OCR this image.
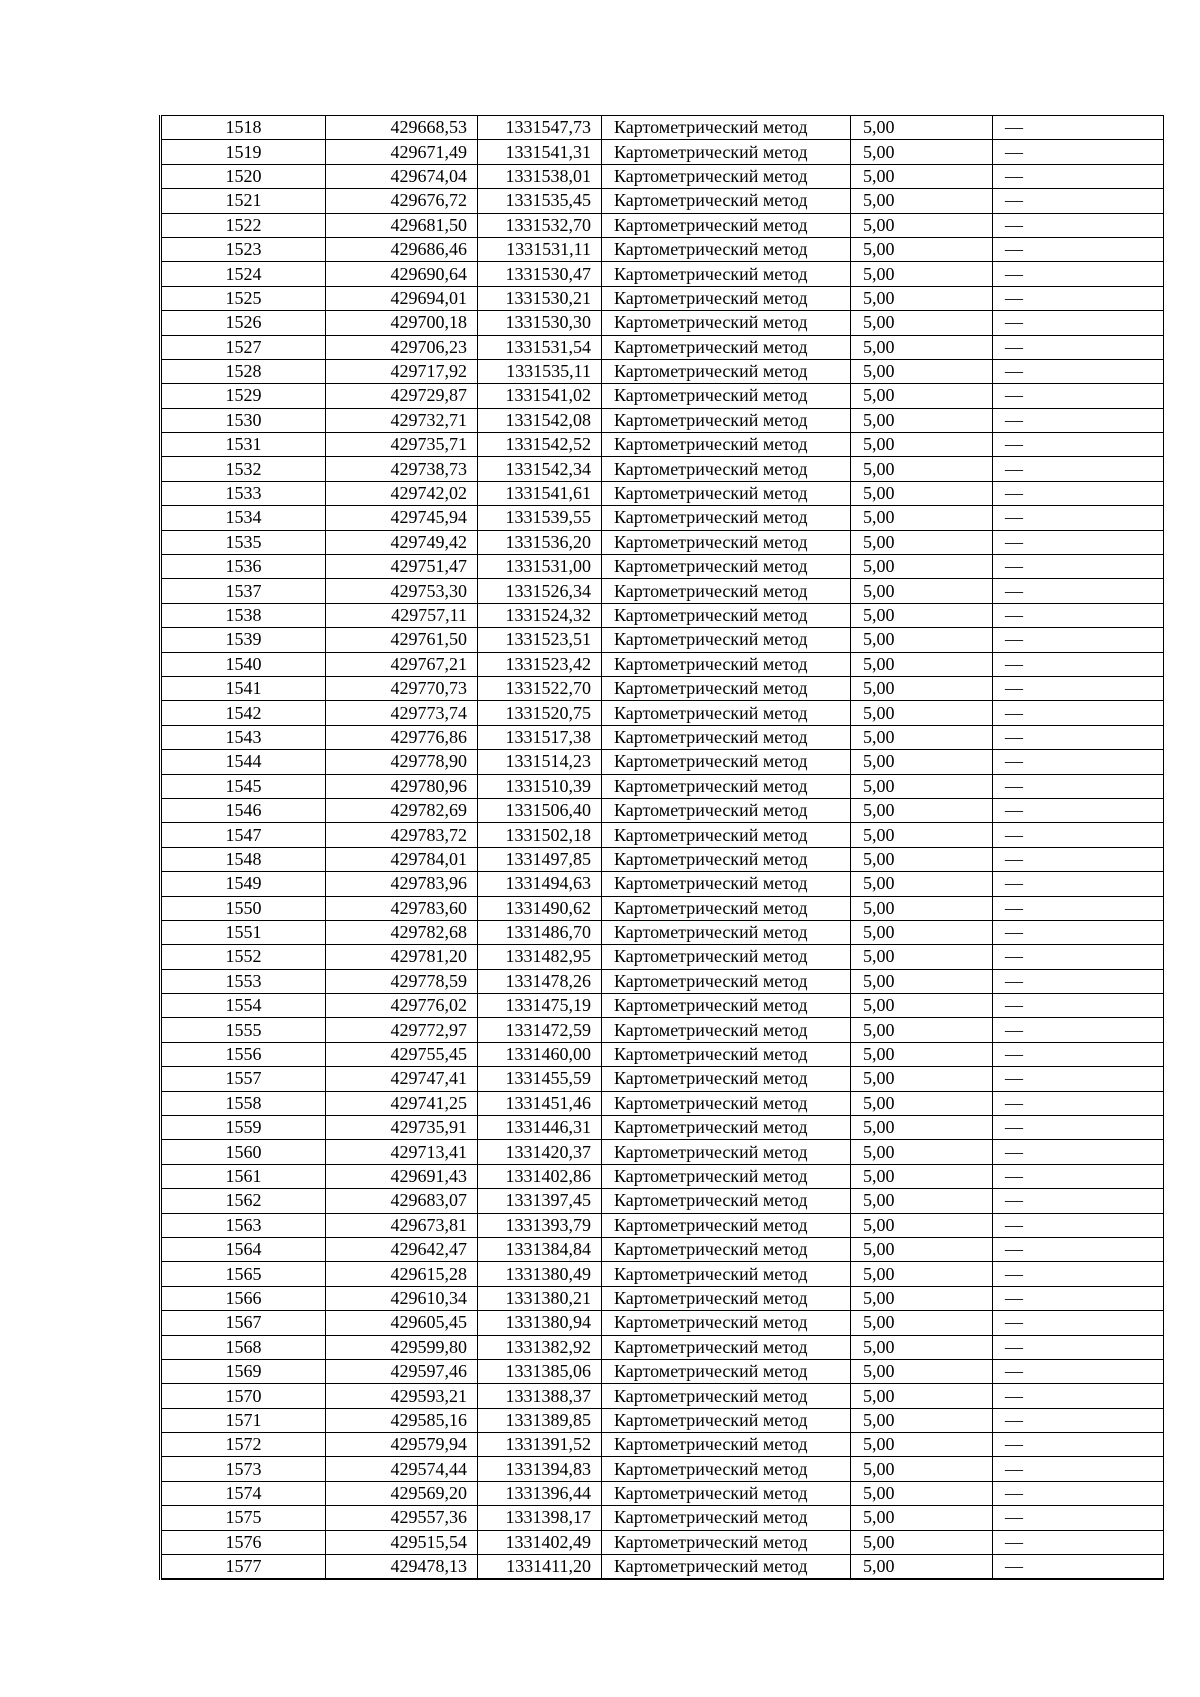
1518	429668,53	1331547,73	Картометрический метод	5,00	—
1519	429671,49	1331541,31	Картометрический метод	5,00	—
1520	429674,04	1331538,01	Картометрический метод	5,00	—
1521	429676,72	1331535,45	Картометрический метод	5,00	—
1522	429681,50	1331532,70	Картометрический метод	5,00	—
1523	429686,46	1331531,11	Картометрический метод	5,00	—
1524	429690,64	1331530,47	Картометрический метод	5,00	—
1525	429694,01	1331530,21	Картометрический метод	5,00	—
1526	429700,18	1331530,30	Картометрический метод	5,00	—
1527	429706,23	1331531,54	Картометрический метод	5,00	—
1528	429717,92	1331535,11	Картометрический метод	5,00	—
1529	429729,87	1331541,02	Картометрический метод	5,00	—
1530	429732,71	1331542,08	Картометрический метод	5,00	—
1531	429735,71	1331542,52	Картометрический метод	5,00	—
1532	429738,73	1331542,34	Картометрический метод	5,00	—
1533	429742,02	1331541,61	Картометрический метод	5,00	—
1534	429745,94	1331539,55	Картометрический метод	5,00	—
1535	429749,42	1331536,20	Картометрический метод	5,00	—
1536	429751,47	1331531,00	Картометрический метод	5,00	—
1537	429753,30	1331526,34	Картометрический метод	5,00	—
1538	429757,11	1331524,32	Картометрический метод	5,00	—
1539	429761,50	1331523,51	Картометрический метод	5,00	—
1540	429767,21	1331523,42	Картометрический метод	5,00	—
1541	429770,73	1331522,70	Картометрический метод	5,00	—
1542	429773,74	1331520,75	Картометрический метод	5,00	—
1543	429776,86	1331517,38	Картометрический метод	5,00	—
1544	429778,90	1331514,23	Картометрический метод	5,00	—
1545	429780,96	1331510,39	Картометрический метод	5,00	—
1546	429782,69	1331506,40	Картометрический метод	5,00	—
1547	429783,72	1331502,18	Картометрический метод	5,00	—
1548	429784,01	1331497,85	Картометрический метод	5,00	—
1549	429783,96	1331494,63	Картометрический метод	5,00	—
1550	429783,60	1331490,62	Картометрический метод	5,00	—
1551	429782,68	1331486,70	Картометрический метод	5,00	—
1552	429781,20	1331482,95	Картометрический метод	5,00	—
1553	429778,59	1331478,26	Картометрический метод	5,00	—
1554	429776,02	1331475,19	Картометрический метод	5,00	—
1555	429772,97	1331472,59	Картометрический метод	5,00	—
1556	429755,45	1331460,00	Картометрический метод	5,00	—
1557	429747,41	1331455,59	Картометрический метод	5,00	—
1558	429741,25	1331451,46	Картометрический метод	5,00	—
1559	429735,91	1331446,31	Картометрический метод	5,00	—
1560	429713,41	1331420,37	Картометрический метод	5,00	—
1561	429691,43	1331402,86	Картометрический метод	5,00	—
1562	429683,07	1331397,45	Картометрический метод	5,00	—
1563	429673,81	1331393,79	Картометрический метод	5,00	—
1564	429642,47	1331384,84	Картометрический метод	5,00	—
1565	429615,28	1331380,49	Картометрический метод	5,00	—
1566	429610,34	1331380,21	Картометрический метод	5,00	—
1567	429605,45	1331380,94	Картометрический метод	5,00	—
1568	429599,80	1331382,92	Картометрический метод	5,00	—
1569	429597,46	1331385,06	Картометрический метод	5,00	—
1570	429593,21	1331388,37	Картометрический метод	5,00	—
1571	429585,16	1331389,85	Картометрический метод	5,00	—
1572	429579,94	1331391,52	Картометрический метод	5,00	—
1573	429574,44	1331394,83	Картометрический метод	5,00	—
1574	429569,20	1331396,44	Картометрический метод	5,00	—
1575	429557,36	1331398,17	Картометрический метод	5,00	—
1576	429515,54	1331402,49	Картометрический метод	5,00	—
1577	429478,13	1331411,20	Картометрический метод	5,00	—
